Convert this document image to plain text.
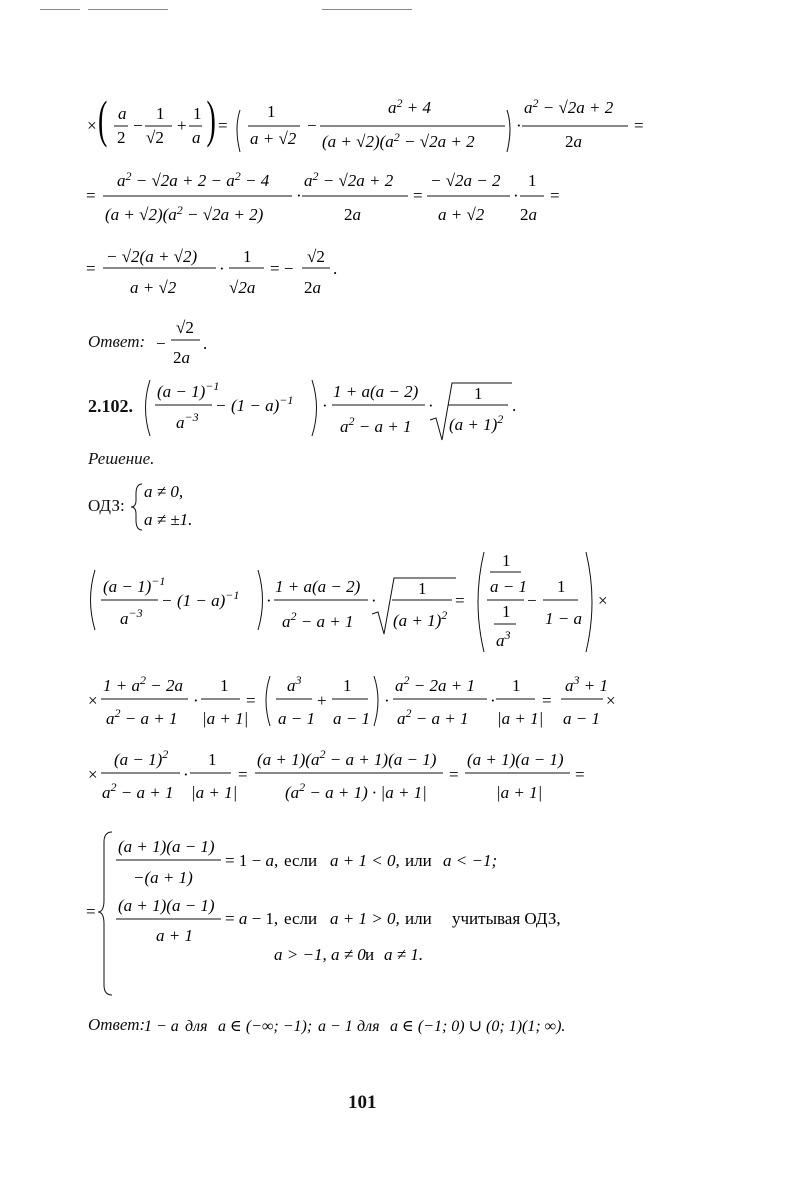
× ( a
2
−
1
√2
+
1
a ) =
1
a + √2
−
$a^2 + 4$
$(a + √2)(a^2 - √2a + 2$
·
$a^2 - √2a + 2$
2a
=
=
$a^2 - √2a + 2 - a^2 - 4$
$(a + √2)(a^2 - √2a + 2)$
·
$a^2 - √2a + 2$
2a
=
− √2a − 2
a + √2
·
1
2a
=
=
− √2(a + √2)
a + √2
·
1
√2a
= −
√2
2a
.
Ответ: −
√2
2a
.
2.102.
$(a - 1)^{-1}$
$a^{-3}$
− $(1 - a)^{-1}$ ·
1 + a(a − 2)
$a^2 - a + 1$
·
1
$(a + 1)^2$
.
Решение.
ОДЗ:
a ≠ 0,
a ≠ ±1.
$(a - 1)^{-1}$
$a^{-3}$
− $(1 - a)^{-1}$ ·
1 + a(a − 2)
$a^2 - a + 1$
·
1
$(a + 1)^2$
=
1
a − 1
1
$a^3$
−
1
1 − a
×
×
$1 + a^2 - 2a$
$a^2 - a + 1$
·
1
|a + 1|
=
$a^3$
a − 1
+
1
a − 1
·
$a^2 - 2a + 1$
$a^2 - a + 1$
·
1
|a + 1|
=
$a^3 + 1$
a − 1
×
×
$(a - 1)^2$
$a^2 - a + 1$
·
1
|a + 1|
=
$(a + 1)(a^2 - a + 1)(a - 1)$
$(a^2 - a + 1) \cdot |a + 1|$
=
(a + 1)(a − 1)
|a + 1|
=
=
(a + 1)(a − 1)
−(a + 1)
= 1 − a, если a + 1 < 0, или a < −1;
(a + 1)(a − 1)
a + 1
= a − 1, если a + 1 > 0, или учитывая ОДЗ,
a > −1, a ≠ 0 и a ≠ 1.
Ответ:
1 − a для a ∈ (−∞; −1); a − 1 для a ∈ (−1; 0) ∪ (0; 1)(1; ∞).
101
